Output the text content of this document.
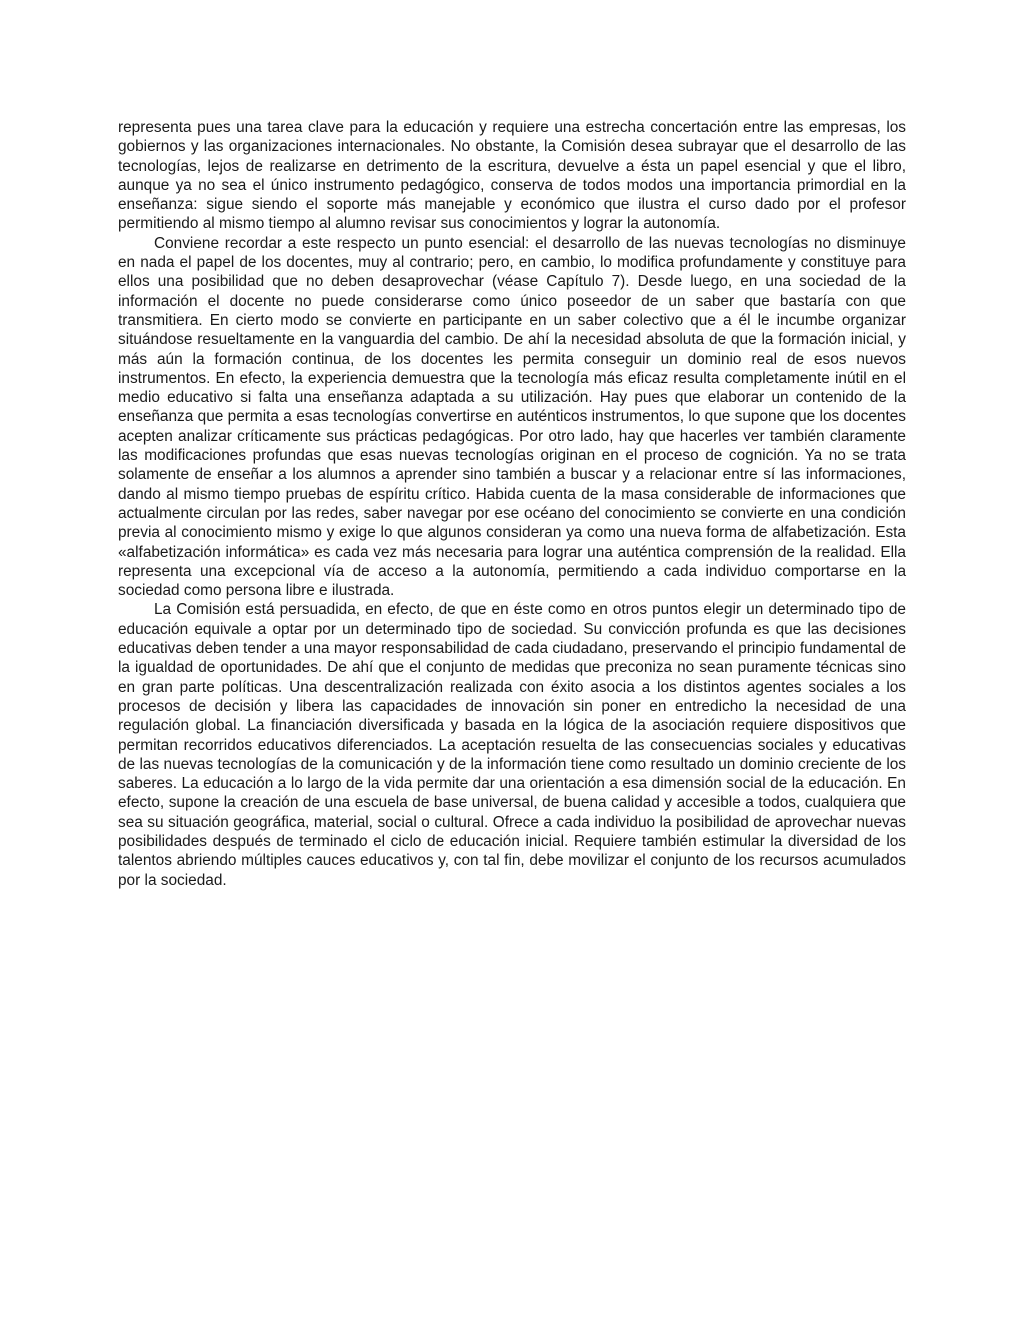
representa pues una tarea clave para la educación y requiere una estrecha concertación entre las empresas, los gobiernos y las organizaciones internacionales. No obstante, la Comisión desea subrayar que el desarrollo de las tecnologías, lejos de realizarse en detrimento de la escritura, devuelve a ésta un papel esencial y que el libro, aunque ya no sea el único instrumento pedagógico, conserva de todos modos una importancia primordial en la enseñanza: sigue siendo el soporte más manejable y económico que ilustra el curso dado por el profesor permitiendo al mismo tiempo al alumno revisar sus conocimientos y lograr la autonomía.

Conviene recordar a este respecto un punto esencial: el desarrollo de las nuevas tecnologías no disminuye en nada el papel de los docentes, muy al contrario; pero, en cambio, lo modifica profundamente y constituye para ellos una posibilidad que no deben desaprovechar (véase Capítulo 7). Desde luego, en una sociedad de la información el docente no puede considerarse como único poseedor de un saber que bastaría con que transmitiera. En cierto modo se convierte en participante en un saber colectivo que a él le incumbe organizar situándose resueltamente en la vanguardia del cambio. De ahí la necesidad absoluta de que la formación inicial, y más aún la formación continua, de los docentes les permita conseguir un dominio real de esos nuevos instrumentos. En efecto, la experiencia demuestra que la tecnología más eficaz resulta completamente inútil en el medio educativo si falta una enseñanza adaptada a su utilización. Hay pues que elaborar un contenido de la enseñanza que permita a esas tecnologías convertirse en auténticos instrumentos, lo que supone que los docentes acepten analizar críticamente sus prácticas pedagógicas. Por otro lado, hay que hacerles ver también claramente las modificaciones profundas que esas nuevas tecnologías originan en el proceso de cognición. Ya no se trata solamente de enseñar a los alumnos a aprender sino también a buscar y a relacionar entre sí las informaciones, dando al mismo tiempo pruebas de espíritu crítico. Habida cuenta de la masa considerable de informaciones que actualmente circulan por las redes, saber navegar por ese océano del conocimiento se convierte en una condición previa al conocimiento mismo y exige lo que algunos consideran ya como una nueva forma de alfabetización. Esta «alfabetización informática» es cada vez más necesaria para lograr una auténtica comprensión de la realidad. Ella representa una excepcional vía de acceso a la autonomía, permitiendo a cada individuo comportarse en la sociedad como persona libre e ilustrada.

La Comisión está persuadida, en efecto, de que en éste como en otros puntos elegir un determinado tipo de educación equivale a optar por un determinado tipo de sociedad. Su convicción profunda es que las decisiones educativas deben tender a una mayor responsabilidad de cada ciudadano, preservando el principio fundamental de la igualdad de oportunidades. De ahí que el conjunto de medidas que preconiza no sean puramente técnicas sino en gran parte políticas. Una descentralización realizada con éxito asocia a los distintos agentes sociales a los procesos de decisión y libera las capacidades de innovación sin poner en entredicho la necesidad de una regulación global. La financiación diversificada y basada en la lógica de la asociación requiere dispositivos que permitan recorridos educativos diferenciados. La aceptación resuelta de las consecuencias sociales y educativas de las nuevas tecnologías de la comunicación y de la información tiene como resultado un dominio creciente de los saberes. La educación a lo largo de la vida permite dar una orientación a esa dimensión social de la educación. En efecto, supone la creación de una escuela de base universal, de buena calidad y accesible a todos, cualquiera que sea su situación geográfica, material, social o cultural. Ofrece a cada individuo la posibilidad de aprovechar nuevas posibilidades después de terminado el ciclo de educación inicial. Requiere también estimular la diversidad de los talentos abriendo múltiples cauces educativos y, con tal fin, debe movilizar el conjunto de los recursos acumulados por la sociedad.
